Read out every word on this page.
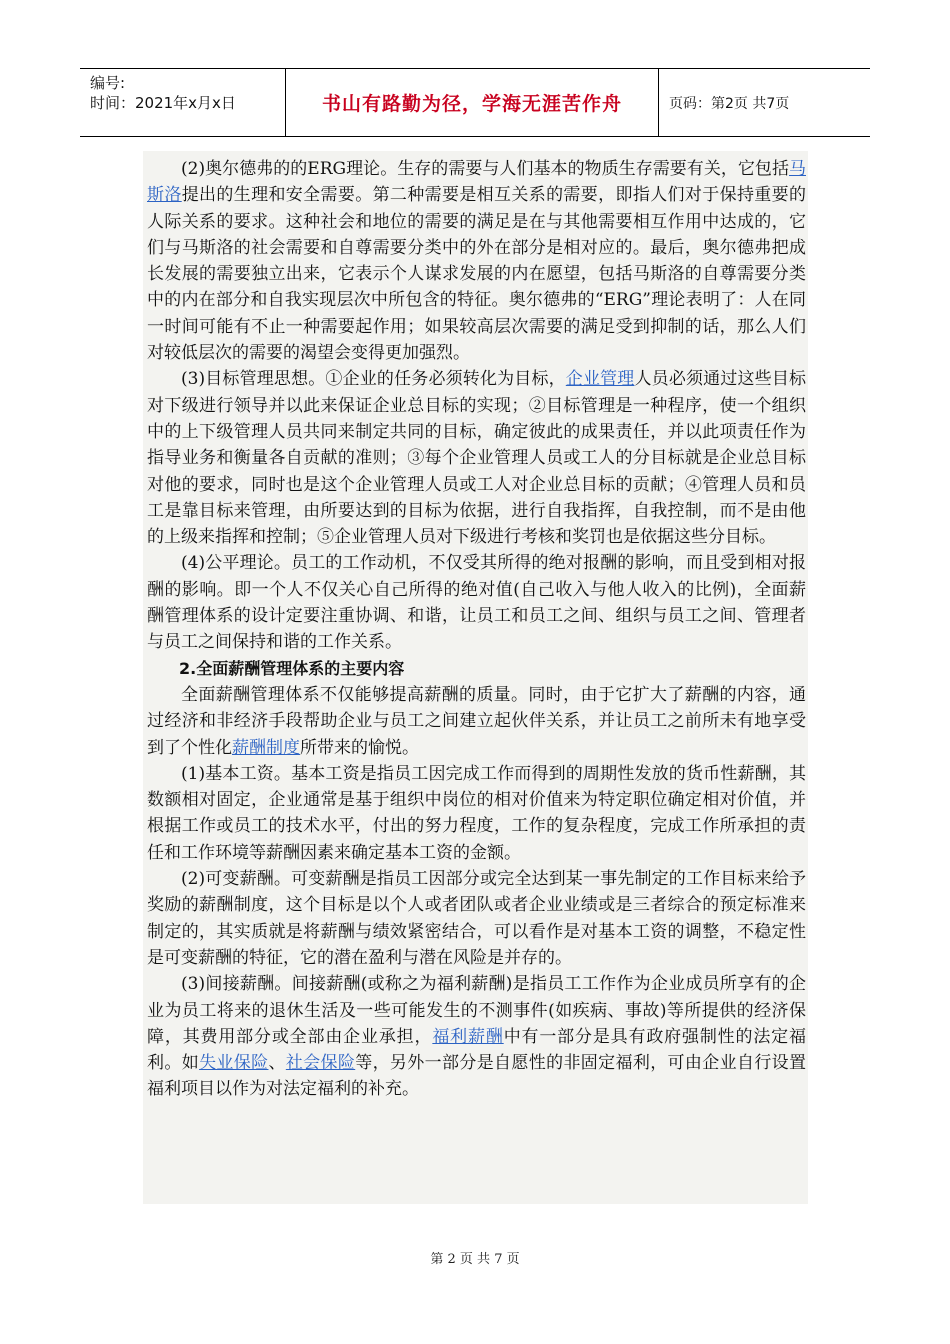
编号:
时间：2021年x月x日	书山有路勤为径，学海无涯苦作舟	页码：第2页 共7页

(2)奥尔德弗的的ERG理论。生存的需要与人们基本的物质生存需要有关，它包括马斯洛提出的生理和安全需要。第二种需要是相互关系的需要，即指人们对于保持重要的人际关系的要求。这种社会和地位的需要的满足是在与其他需要相互作用中达成的，它们与马斯洛的社会需要和自尊需要分类中的外在部分是相对应的。最后，奥尔德弗把成长发展的需要独立出来，它表示个人谋求发展的内在愿望，包括马斯洛的自尊需要分类中的内在部分和自我实现层次中所包含的特征。奥尔德弗的“ERG”理论表明了：人在同一时间可能有不止一种需要起作用；如果较高层次需要的满足受到抑制的话，那么人们对较低层次的需要的渴望会变得更加强烈。

(3)目标管理思想。①企业的任务必须转化为目标，企业管理人员必须通过这些目标对下级进行领导并以此来保证企业总目标的实现；②目标管理是一种程序，使一个组织中的上下级管理人员共同来制定共同的目标，确定彼此的成果责任，并以此项责任作为指导业务和衡量各自贡献的准则；③每个企业管理人员或工人的分目标就是企业总目标对他的要求，同时也是这个企业管理人员或工人对企业总目标的贡献；④管理人员和员工是靠目标来管理，由所要达到的目标为依据，进行自我指挥，自我控制，而不是由他的上级来指挥和控制；⑤企业管理人员对下级进行考核和奖罚也是依据这些分目标。

(4)公平理论。员工的工作动机，不仅受其所得的绝对报酬的影响，而且受到相对报酬的影响。即一个人不仅关心自己所得的绝对值(自己收入与他人收入的比例)，全面薪酬管理体系的设计定要注重协调、和谐，让员工和员工之间、组织与员工之间、管理者与员工之间保持和谐的工作关系。

2.全面薪酬管理体系的主要内容

全面薪酬管理体系不仅能够提高薪酬的质量。同时，由于它扩大了薪酬的内容，通过经济和非经济手段帮助企业与员工之间建立起伙伴关系，并让员工之前所未有地享受到了个性化薪酬制度所带来的愉悦。

(1)基本工资。基本工资是指员工因完成工作而得到的周期性发放的货币性薪酬，其数额相对固定，企业通常是基于组织中岗位的相对价值来为特定职位确定相对价值，并根据工作或员工的技术水平，付出的努力程度，工作的复杂程度，完成工作所承担的责任和工作环境等薪酬因素来确定基本工资的金额。

(2)可变薪酬。可变薪酬是指员工因部分或完全达到某一事先制定的工作目标来给予奖励的薪酬制度，这个目标是以个人或者团队或者企业业绩或是三者综合的预定标准来制定的，其实质就是将薪酬与绩效紧密结合，可以看作是对基本工资的调整，不稳定性是可变薪酬的特征，它的潜在盈利与潜在风险是并存的。

(3)间接薪酬。间接薪酬(或称之为福利薪酬)是指员工工作作为企业成员所享有的企业为员工将来的退休生活及一些可能发生的不测事件(如疾病、事故)等所提供的经济保障，其费用部分或全部由企业承担，福利薪酬中有一部分是具有政府强制性的法定福利。如失业保险、社会保险等，另外一部分是自愿性的非固定福利，可由企业自行设置福利项目以作为对法定福利的补充。

第 2 页 共 7 页
